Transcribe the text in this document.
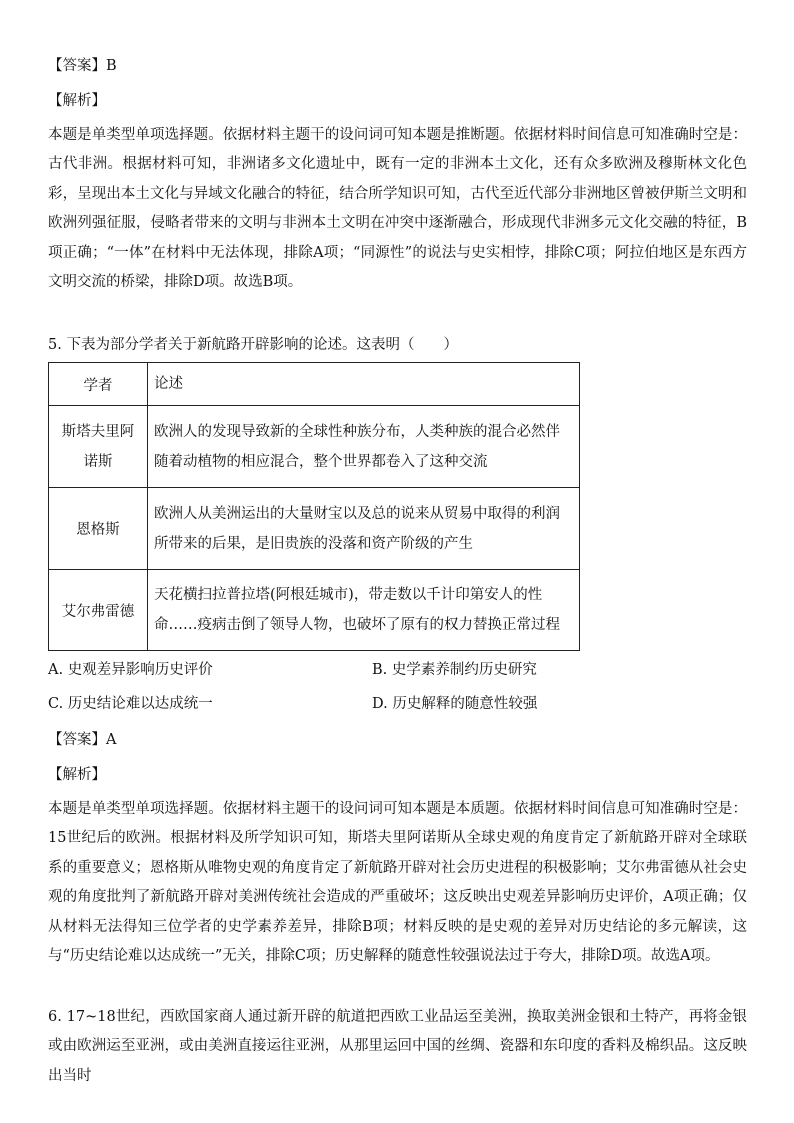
【答案】B
【解析】
本题是单类型单项选择题。依据材料主题干的设问词可知本题是推断题。依据材料时间信息可知准确时空是：古代非洲。根据材料可知，非洲诸多文化遗址中，既有一定的非洲本土文化，还有众多欧洲及穆斯林文化色彩，呈现出本土文化与异域文化融合的特征，结合所学知识可知，古代至近代部分非洲地区曾被伊斯兰文明和欧洲列强征服，侵略者带来的文明与非洲本土文明在冲突中逐渐融合，形成现代非洲多元文化交融的特征，B项正确；“一体”在材料中无法体现，排除A项；“同源性”的说法与史实相悖，排除C项；阿拉伯地区是东西方文明交流的桥梁，排除D项。故选B项。
5. 下表为部分学者关于新航路开辟影响的论述。这表明（　　）
学者	论述
斯塔夫里阿诺斯	欧洲人的发现导致新的全球性种族分布，人类种族的混合必然伴随着动植物的相应混合，整个世界都卷入了这种交流
恩格斯	欧洲人从美洲运出的大量财宝以及总的说来从贸易中取得的利润所带来的后果，是旧贵族的没落和资产阶级的产生
艾尔弗雷德	天花横扫拉普拉塔(阿根廷城市)，带走数以千计印第安人的性命……疫病击倒了领导人物，也破坏了原有的权力替换正常过程
A. 史观差异影响历史评价	B. 史学素养制约历史研究
C. 历史结论难以达成统一	D. 历史解释的随意性较强
【答案】A
【解析】
本题是单类型单项选择题。依据材料主题干的设问词可知本题是本质题。依据材料时间信息可知准确时空是：15世纪后的欧洲。根据材料及所学知识可知，斯塔夫里阿诺斯从全球史观的角度肯定了新航路开辟对全球联系的重要意义；恩格斯从唯物史观的角度肯定了新航路开辟对社会历史进程的积极影响；艾尔弗雷德从社会史观的角度批判了新航路开辟对美洲传统社会造成的严重破坏；这反映出史观差异影响历史评价，A项正确；仅从材料无法得知三位学者的史学素养差异，排除B项；材料反映的是史观的差异对历史结论的多元解读，这与“历史结论难以达成统一”无关，排除C项；历史解释的随意性较强说法过于夸大，排除D项。故选A项。
6. 17~18世纪，西欧国家商人通过新开辟的航道把西欧工业品运至美洲，换取美洲金银和土特产，再将金银或由欧洲运至亚洲，或由美洲直接运往亚洲，从那里运回中国的丝绸、瓷器和东印度的香料及棉织品。这反映出当时
